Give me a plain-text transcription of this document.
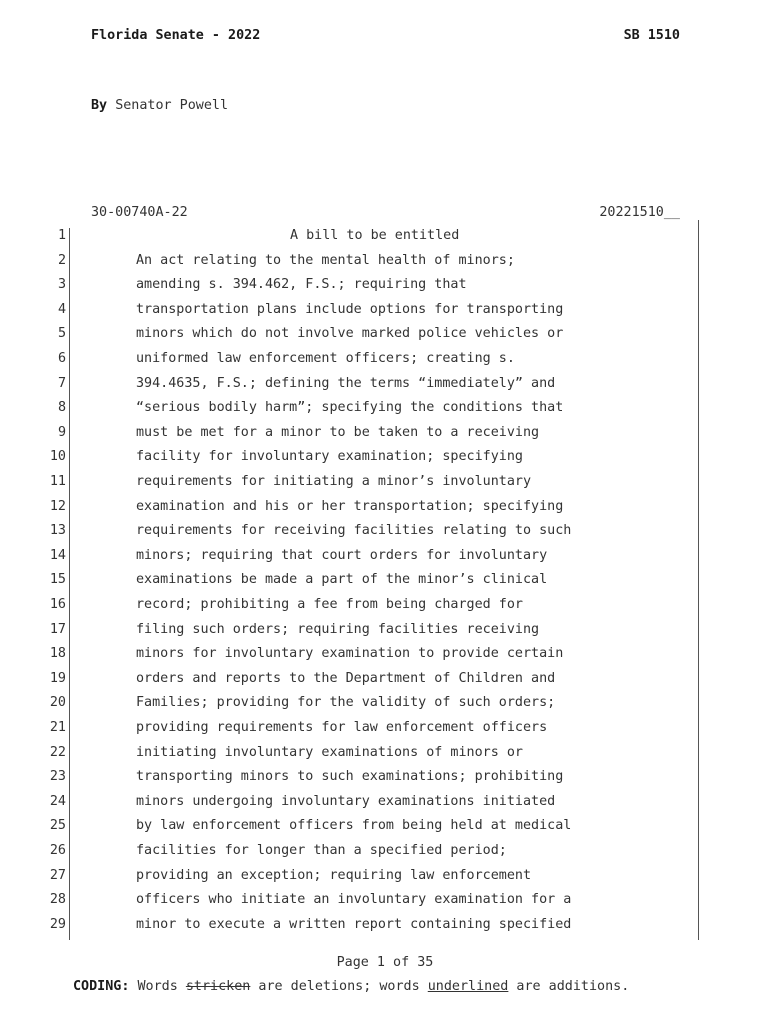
Florida Senate - 2022	SB 1510
By Senator Powell
30-00740A-22	20221510__
1	A bill to be entitled
2	An act relating to the mental health of minors;
3	amending s. 394.462, F.S.; requiring that
4	transportation plans include options for transporting
5	minors which do not involve marked police vehicles or
6	uniformed law enforcement officers; creating s.
7	394.4635, F.S.; defining the terms “immediately” and
8	“serious bodily harm”; specifying the conditions that
9	must be met for a minor to be taken to a receiving
10	facility for involuntary examination; specifying
11	requirements for initiating a minor’s involuntary
12	examination and his or her transportation; specifying
13	requirements for receiving facilities relating to such
14	minors; requiring that court orders for involuntary
15	examinations be made a part of the minor’s clinical
16	record; prohibiting a fee from being charged for
17	filing such orders; requiring facilities receiving
18	minors for involuntary examination to provide certain
19	orders and reports to the Department of Children and
20	Families; providing for the validity of such orders;
21	providing requirements for law enforcement officers
22	initiating involuntary examinations of minors or
23	transporting minors to such examinations; prohibiting
24	minors undergoing involuntary examinations initiated
25	by law enforcement officers from being held at medical
26	facilities for longer than a specified period;
27	providing an exception; requiring law enforcement
28	officers who initiate an involuntary examination for a
29	minor to execute a written report containing specified
Page 1 of 35
CODING: Words stricken are deletions; words underlined are additions.
